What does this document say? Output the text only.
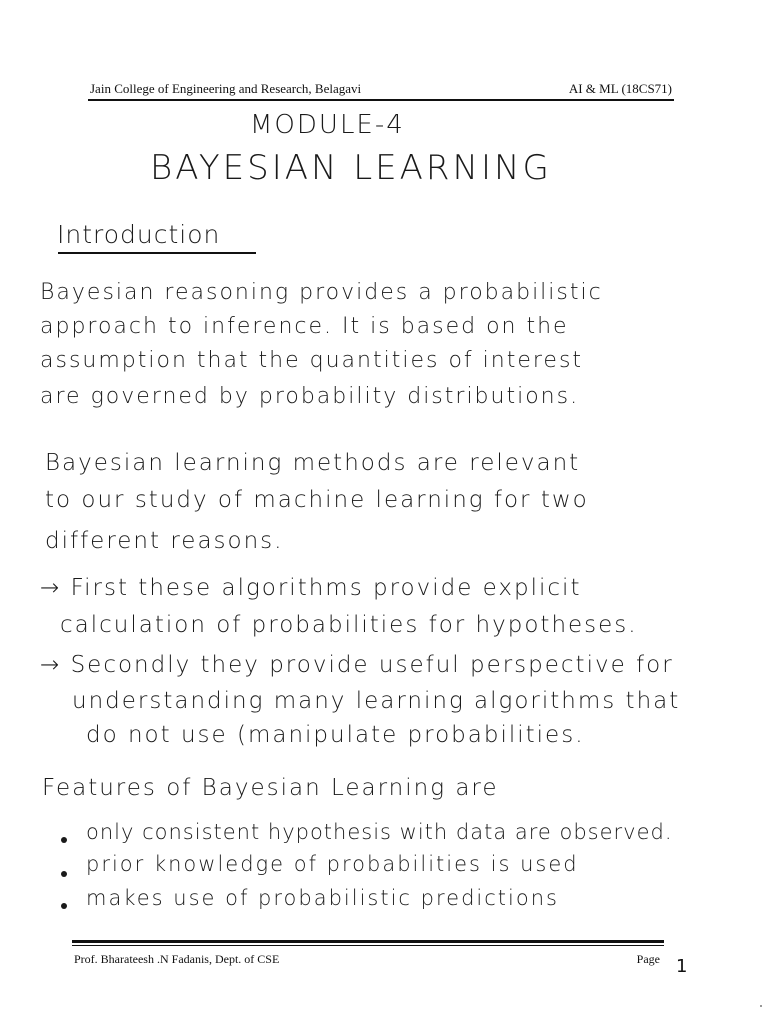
Jain College of Engineering and Research, Belagavi	AI & ML (18CS71)
MODULE-4
BAYESIAN LEARNING
Introduction
Bayesian reasoning provides a probabilistic
approach to inference. It is based on the
assumption that the quantities of interest
are governed by probability distributions.
Bayesian learning methods are relevant
to our study of machine learning for two
different reasons.
→ First these algorithms provide explicit
calculation of probabilities for hypotheses.
→ Secondly they provide useful perspective for
understanding many learning algorithms that
do not use (manipulate probabilities.
Features of Bayesian Learning are
only consistent hypothesis with data are observed.
prior knowledge of probabilities is used
makes use of probabilistic predictions
Prof. Bharateesh .N Fadanis, Dept. of CSE	Page 1
